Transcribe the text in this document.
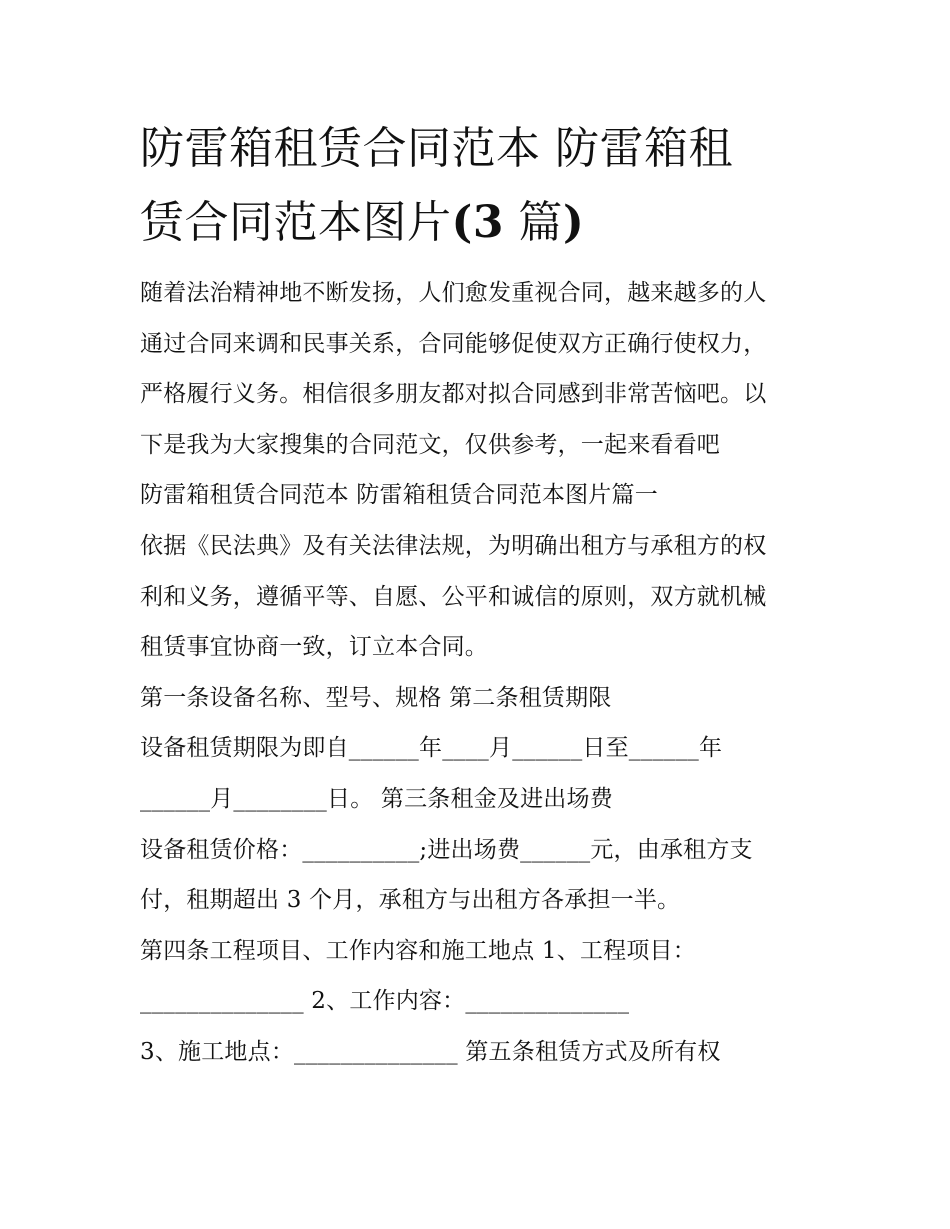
防雷箱租赁合同范本 防雷箱租
赁合同范本图片(3 篇)
随着法治精神地不断发扬，人们愈发重视合同，越来越多的人
通过合同来调和民事关系，合同能够促使双方正确行使权力，
严格履行义务。相信很多朋友都对拟合同感到非常苦恼吧。以
下是我为大家搜集的合同范文，仅供参考，一起来看看吧
防雷箱租赁合同范本 防雷箱租赁合同范本图片篇一
依据《民法典》及有关法律法规，为明确出租方与承租方的权
利和义务，遵循平等、自愿、公平和诚信的原则，双方就机械
租赁事宜协商一致，订立本合同。
第一条设备名称、型号、规格 第二条租赁期限
设备租赁期限为即自______年____月______日至______年
______月________日。 第三条租金及进出场费
设备租赁价格：__________;进出场费______元，由承租方支
付，租期超出 3 个月，承租方与出租方各承担一半。
第四条工程项目、工作内容和施工地点 1、工程项目：
______________ 2、工作内容：______________
3、施工地点：______________ 第五条租赁方式及所有权
